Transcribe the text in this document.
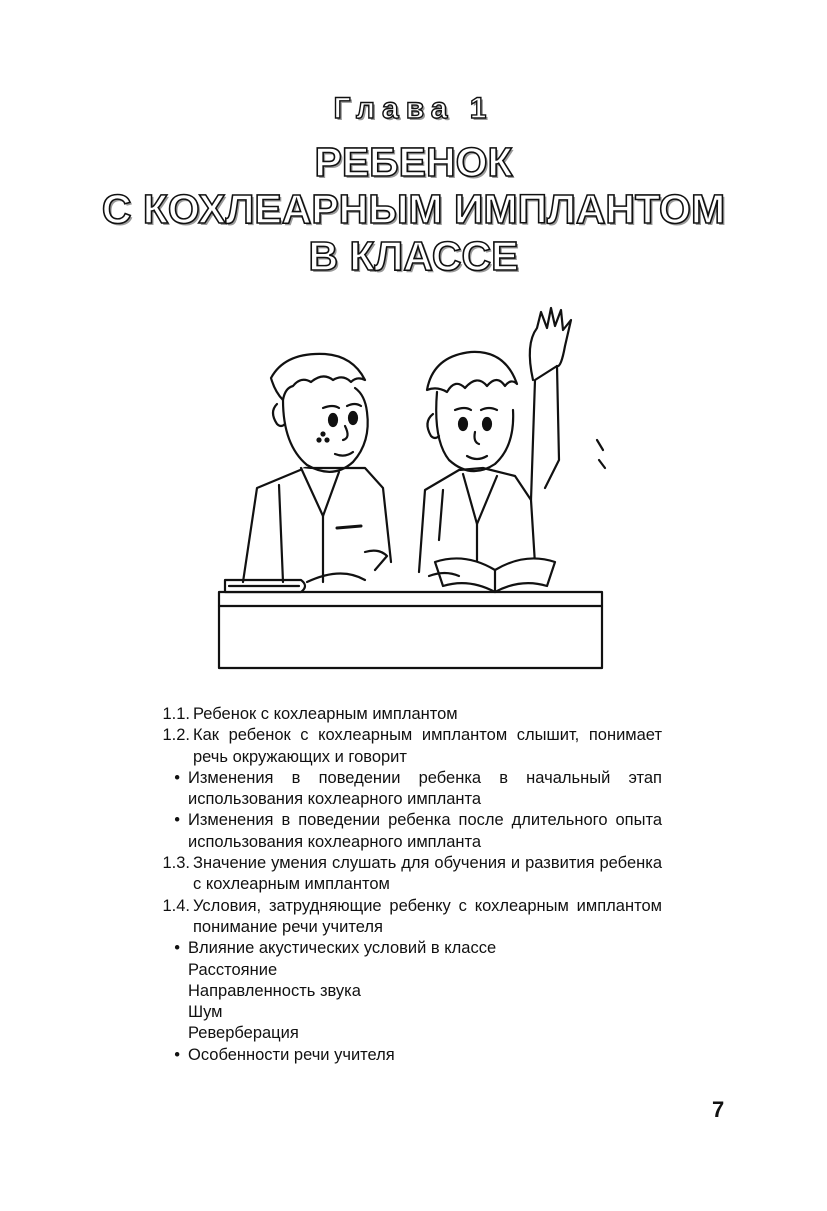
Глава 1
РЕБЕНОК
С КОХЛЕАРНЫМ ИМПЛАНТОМ
В КЛАССЕ
1.1. Ребенок с кохлеарным имплантом
1.2. Как ребенок с кохлеарным имплантом слышит, понимает речь окружающих и говорит
• Изменения в поведении ребенка в начальный этап использования кохлеарного импланта
• Изменения в поведении ребенка после длительного опыта использования кохлеарного импланта
1.3. Значение умения слушать для обучения и развития ребенка с кохлеарным имплантом
1.4. Условия, затрудняющие ребенку с кохлеарным имплантом понимание речи учителя
• Влияние акустических условий в классе
Расстояние
Направленность звука
Шум
Реверберация
• Особенности речи учителя
7
